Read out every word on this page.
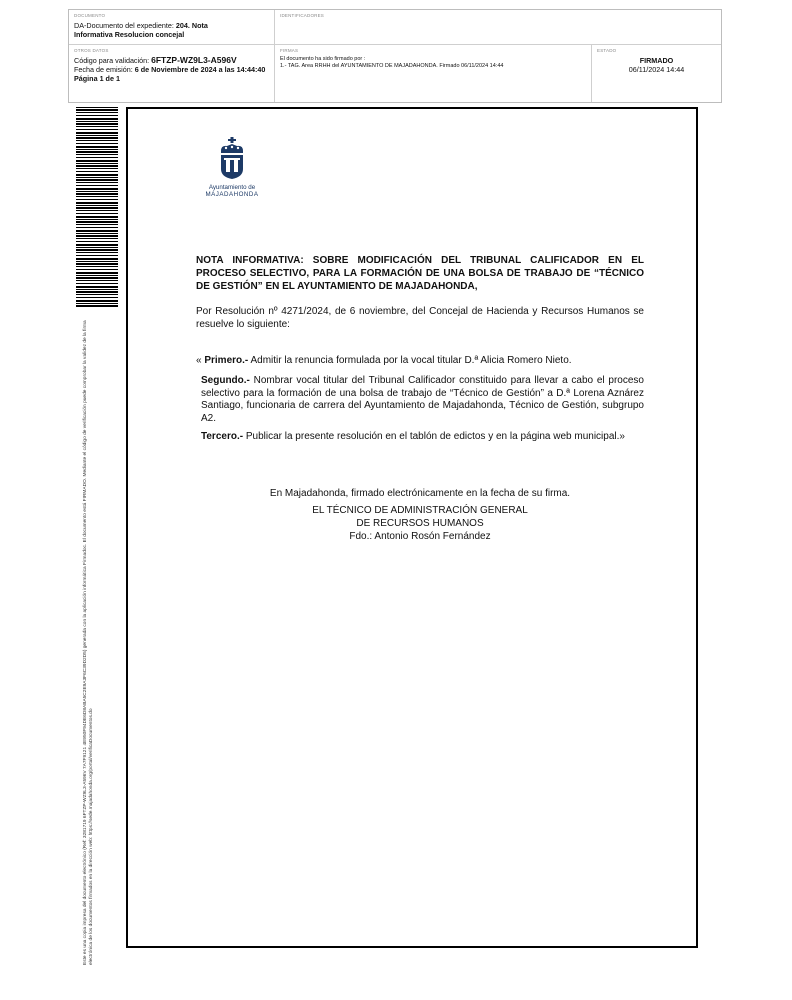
DOCUMENTO
DA-Documento del expediente: 204. Nota
Informativa Resolucion concejal
IDENTIFICADORES
OTROS DATOS
Código para validación: 6FTZP-WZ9L3-A596V
Fecha de emisión: 6 de Noviembre de 2024 a las 14:44:40
Página 1 de 1
FIRMAS
El documento ha sido firmado por :
1.- TAG. Area RRHH del AYUNTAMIENTO DE MAJADAHONDA. Firmado 06/11/2024 14:44
ESTADO
FIRMADO
06/11/2024 14:44
Este es una copia impresa del documento electrónico (Ref: 3281719 6FTZP-WZ9L3-A596V 7A7F9121 4E950F94DE6D8ABA5C2E9A3F6C39D2D5) generada con la aplicación informática Firmadoc. El documento está FIRMADO. Mediante el código de verificación puede comprobar la validez de la firma electrónica de los documentos firmados en la dirección web: https://sede.majadahonda.org/portal/verificaDocumentos.do
Ayuntamiento de
MAJADAHONDA
NOTA INFORMATIVA: SOBRE MODIFICACIÓN DEL TRIBUNAL CALIFICADOR EN EL PROCESO SELECTIVO, PARA LA FORMACIÓN DE UNA BOLSA DE TRABAJO DE “TÉCNICO DE GESTIÓN” EN EL AYUNTAMIENTO DE MAJADAHONDA,
Por Resolución nº 4271/2024, de 6 noviembre, del Concejal de Hacienda y Recursos Humanos se resuelve lo siguiente:
« Primero.- Admitir la renuncia formulada por la vocal titular D.ª Alicia Romero Nieto.
Segundo.- Nombrar vocal titular del Tribunal Calificador constituido para llevar a cabo el proceso selectivo para la formación de una bolsa de trabajo de “Técnico de Gestión” a D.ª Lorena Aznárez Santiago, funcionaria de carrera del Ayuntamiento de Majadahonda, Técnico de Gestión, subgrupo A2.
Tercero.- Publicar la presente resolución en el tablón de edictos y en la página web municipal.»
En Majadahonda, firmado electrónicamente en la fecha de su firma.
EL TÉCNICO DE ADMINISTRACIÓN GENERAL
DE RECURSOS HUMANOS
Fdo.: Antonio Rosón Fernández
